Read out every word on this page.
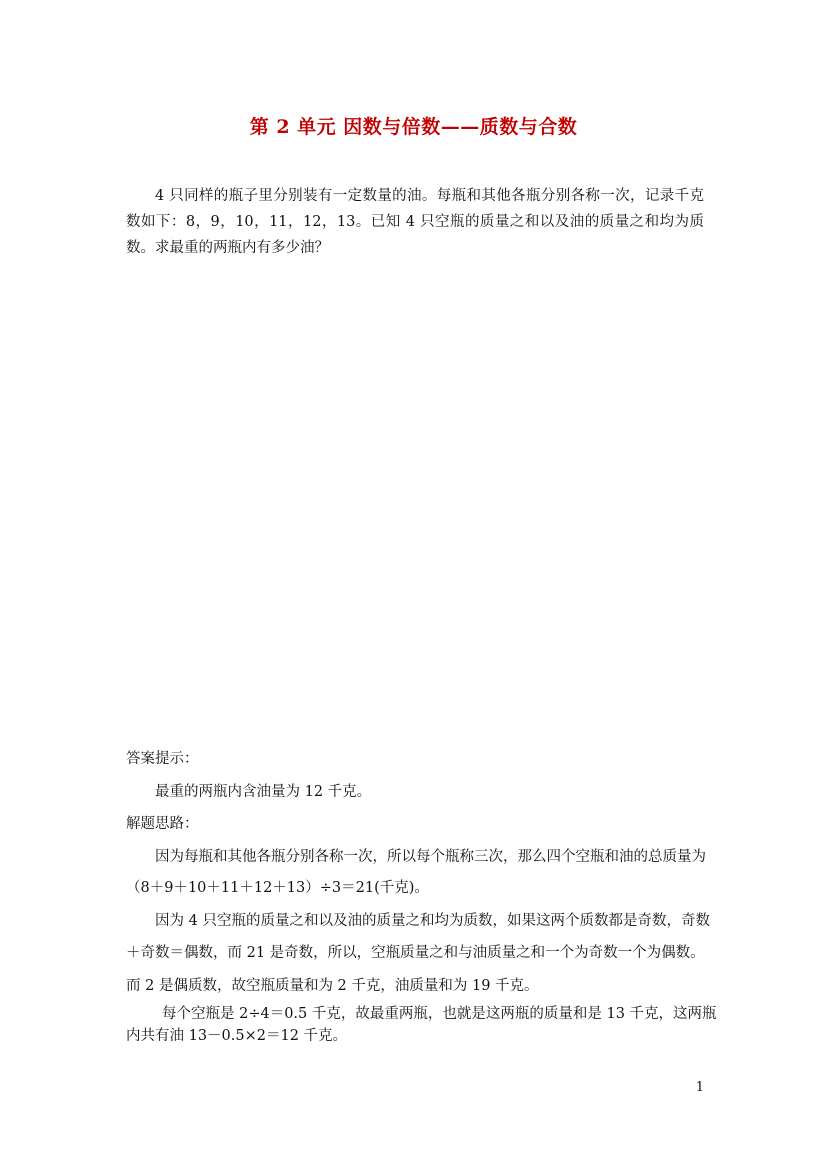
第 2 单元 因数与倍数——质数与合数

4 只同样的瓶子里分别装有一定数量的油。每瓶和其他各瓶分别各称一次，记录千克数如下：8，9，10，11，12，13。已知 4 只空瓶的质量之和以及油的质量之和均为质数。求最重的两瓶内有多少油？

答案提示：
最重的两瓶内含油量为 12 千克。
解题思路：
因为每瓶和其他各瓶分别各称一次，所以每个瓶称三次，那么四个空瓶和油的总质量为
（8＋9＋10＋11＋12＋13）÷3＝21(千克)。
因为 4 只空瓶的质量之和以及油的质量之和均为质数，如果这两个质数都是奇数，奇数
＋奇数＝偶数，而 21 是奇数，所以，空瓶质量之和与油质量之和一个为奇数一个为偶数。
而 2 是偶质数，故空瓶质量和为 2 千克，油质量和为 19 千克。
每个空瓶是 2÷4＝0.5 千克，故最重两瓶，也就是这两瓶的质量和是 13 千克，这两瓶
内共有油 13－0.5×2＝12 千克。
1
